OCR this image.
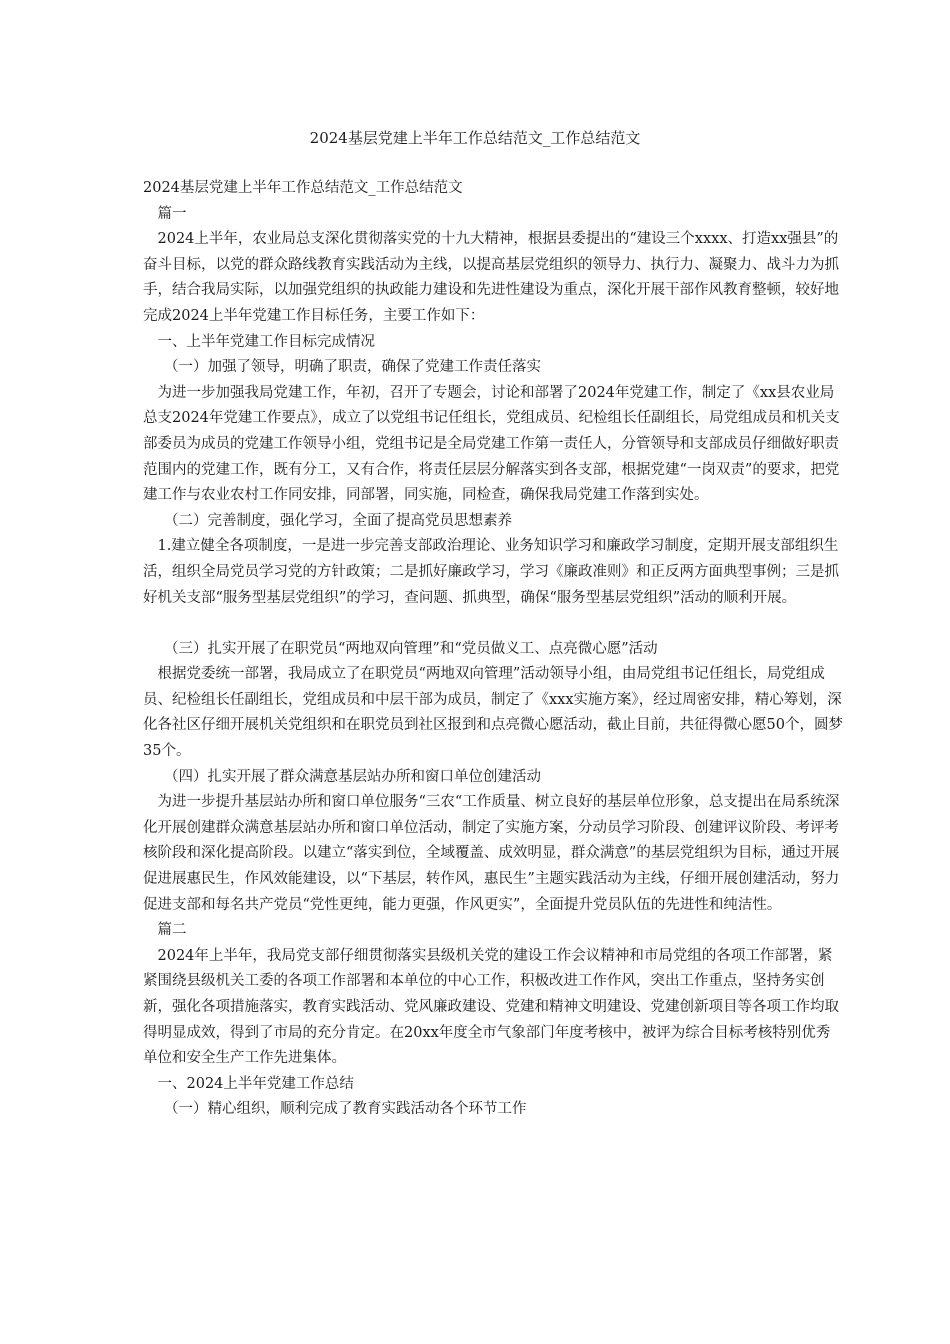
2024基层党建上半年工作总结范文_工作总结范文

2024基层党建上半年工作总结范文_工作总结范文

篇一

2024上半年，农业局总支深化贯彻落实党的十九大精神，根据县委提出的“建设三个xxxx、打造xx强县”的奋斗目标，以党的群众路线教育实践活动为主线，以提高基层党组织的领导力、执行力、凝聚力、战斗力为抓手，结合我局实际，以加强党组织的执政能力建设和先进性建设为重点，深化开展干部作风教育整顿，较好地完成2024上半年党建工作目标任务，主要工作如下：

一、上半年党建工作目标完成情况

（一）加强了领导，明确了职责，确保了党建工作责任落实

为进一步加强我局党建工作，年初，召开了专题会，讨论和部署了2024年党建工作，制定了《xx县农业局总支2024年党建工作要点》，成立了以党组书记任组长，党组成员、纪检组长任副组长，局党组成员和机关支部委员为成员的党建工作领导小组，党组书记是全局党建工作第一责任人，分管领导和支部成员仔细做好职责范围内的党建工作，既有分工，又有合作，将责任层层分解落实到各支部，根据党建“一岗双责”的要求，把党建工作与农业农村工作同安排，同部署，同实施，同检查，确保我局党建工作落到实处。

（二）完善制度，强化学习，全面了提高党员思想素养

1.建立健全各项制度，一是进一步完善支部政治理论、业务知识学习和廉政学习制度，定期开展支部组织生活，组织全局党员学习党的方针政策；二是抓好廉政学习，学习《廉政准则》和正反两方面典型事例；三是抓好机关支部“服务型基层党组织”的学习，查问题、抓典型，确保“服务型基层党组织”活动的顺利开展。

（三）扎实开展了在职党员“两地双向管理”和“党员做义工、点亮微心愿”活动

根据党委统一部署，我局成立了在职党员“两地双向管理”活动领导小组，由局党组书记任组长，局党组成员、纪检组长任副组长，党组成员和中层干部为成员，制定了《xxx实施方案》，经过周密安排，精心筹划，深化各社区仔细开展机关党组织和在职党员到社区报到和点亮微心愿活动，截止目前，共征得微心愿50个，圆梦35个。

（四）扎实开展了群众满意基层站办所和窗口单位创建活动

为进一步提升基层站办所和窗口单位服务“三农“工作质量、树立良好的基层单位形象，总支提出在局系统深化开展创建群众满意基层站办所和窗口单位活动，制定了实施方案，分动员学习阶段、创建评议阶段、考评考核阶段和深化提高阶段。以建立“落实到位，全域覆盖、成效明显，群众满意”的基层党组织为目标，通过开展促进展惠民生，作风效能建设，以“下基层，转作风，惠民生”主题实践活动为主线，仔细开展创建活动，努力促进支部和每名共产党员“党性更纯，能力更强，作风更实”，全面提升党员队伍的先进性和纯洁性。

篇二

2024年上半年，我局党支部仔细贯彻落实县级机关党的建设工作会议精神和市局党组的各项工作部署，紧紧围绕县级机关工委的各项工作部署和本单位的中心工作，积极改进工作作风，突出工作重点，坚持务实创新，强化各项措施落实，教育实践活动、党风廉政建设、党建和精神文明建设、党建创新项目等各项工作均取得明显成效，得到了市局的充分肯定。在20xx年度全市气象部门年度考核中，被评为综合目标考核特别优秀单位和安全生产工作先进集体。

一、2024上半年党建工作总结

（一）精心组织，顺利完成了教育实践活动各个环节工作
